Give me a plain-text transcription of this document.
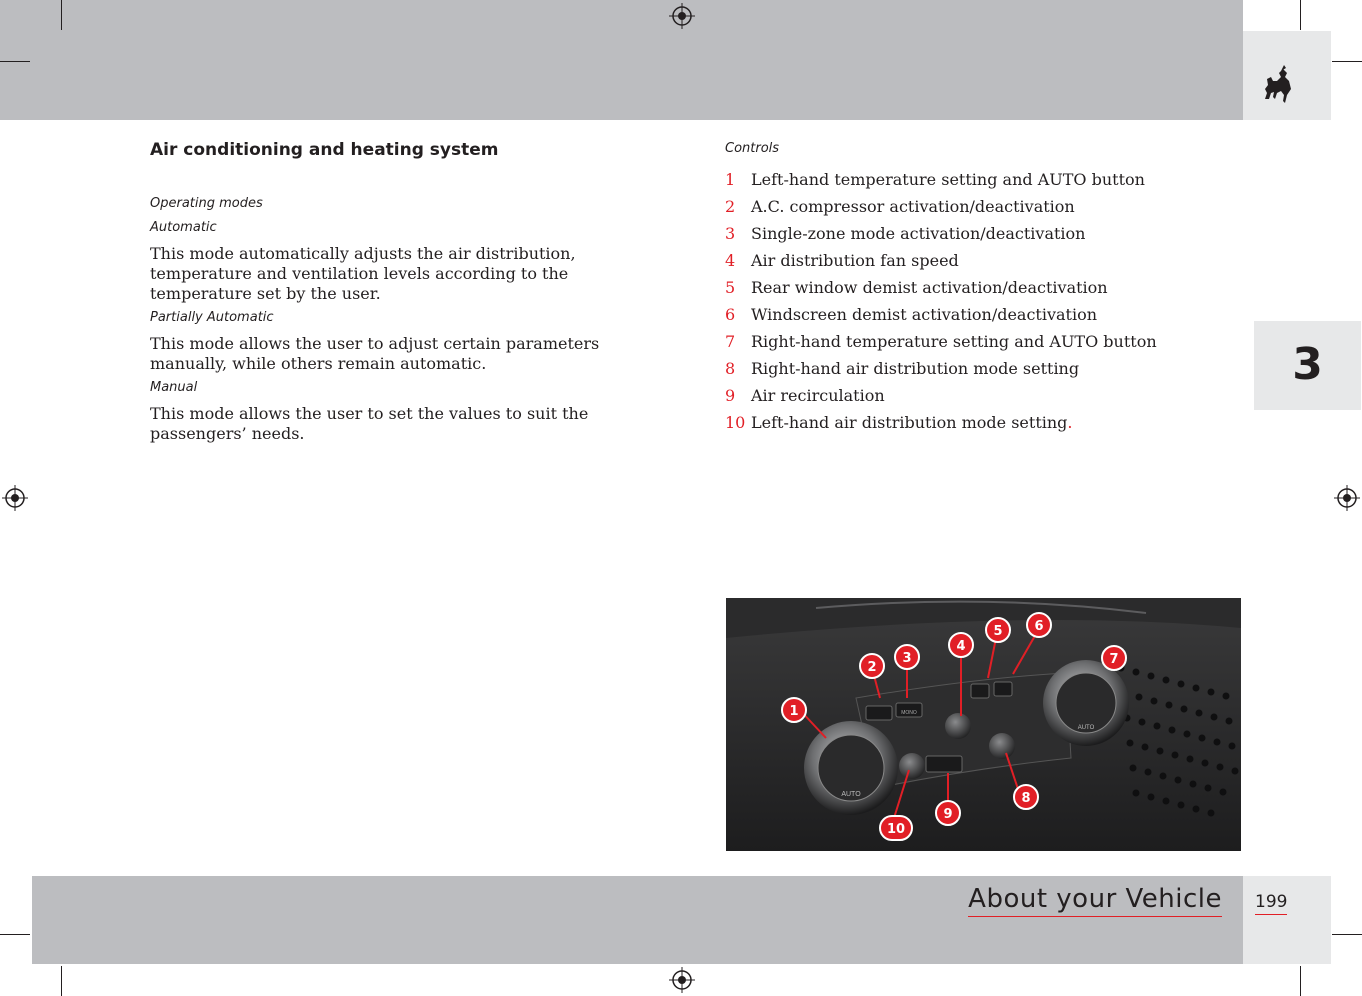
3
Air conditioning and heating system

Operating modes

Automatic

This mode automatically adjusts the air distribution, temperature and ventilation levels according to the temperature set by the user.

Partially Automatic

This mode allows the user to adjust certain parameters manually, while others remain automatic.

Manual

This mode allows the user to set the values to suit the passengers’ needs.

Controls

1 Left-hand temperature setting and AUTO button
2 A.C. compressor activation/deactivation
3 Single-zone mode activation/deactivation
4 Air distribution fan speed
5 Rear window demist activation/deactivation
6 Windscreen demist activation/deactivation
7 Right-hand temperature setting and AUTO button
8 Right-hand air distribution mode setting
9 Air recirculation
10 Left-hand air distribution mode setting.
MONO
AUTO
AUTO
1
2
3
4
5 6
7
8
9
10
About your Vehicle 199
